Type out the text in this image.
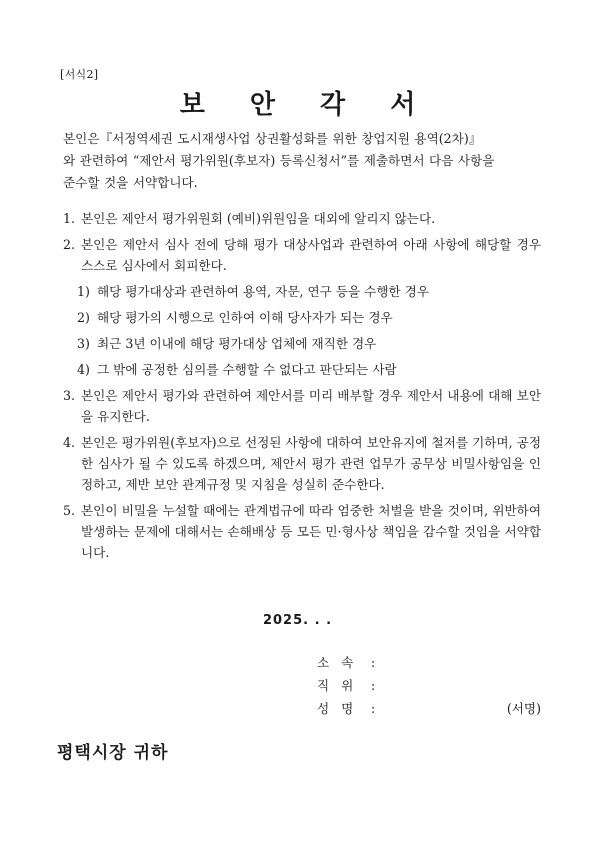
[서식2]
보 안 각 서

본인은『서정역세권 도시재생사업 상권활성화를 위한 창업지원 용역(2차)』

와 관련하여 “제안서 평가위원(후보자) 등록신청서”를 제출하면서 다음 사항을

준수할 것을 서약합니다.

1. 본인은 제안서 평가위원회 (예비)위원임을 대외에 알리지 않는다.
2. 본인은 제안서 심사 전에 당해 평가 대상사업과 관련하여 아래 사항에 해당할 경우 스스로 심사에서 회피한다.
1) 해당 평가대상과 관련하여 용역, 자문, 연구 등을 수행한 경우
2) 해당 평가의 시행으로 인하여 이해 당사자가 되는 경우
3) 최근 3년 이내에 해당 평가대상 업체에 재직한 경우
4) 그 밖에 공정한 심의를 수행할 수 없다고 판단되는 사람
3. 본인은 제안서 평가와 관련하여 제안서를 미리 배부할 경우 제안서 내용에 대해 보안을 유지한다.
4. 본인은 평가위원(후보자)으로 선정된 사항에 대하여 보안유지에 철저를 기하며, 공정한 심사가 될 수 있도록 하겠으며, 제안서 평가 관련 업무가 공무상 비밀사항임을 인정하고, 제반 보안 관계규정 및 지침을 성실히 준수한다.
5. 본인이 비밀을 누설할 때에는 관계법규에 따라 엄중한 처벌을 받을 것이며, 위반하여 발생하는 문제에 대해서는 손해배상 등 모든 민·형사상 책임을 감수할 것임을 서약합니다.
2025. . .
소속 :
직위 :
성명 :	(서명)
평택시장 귀하
